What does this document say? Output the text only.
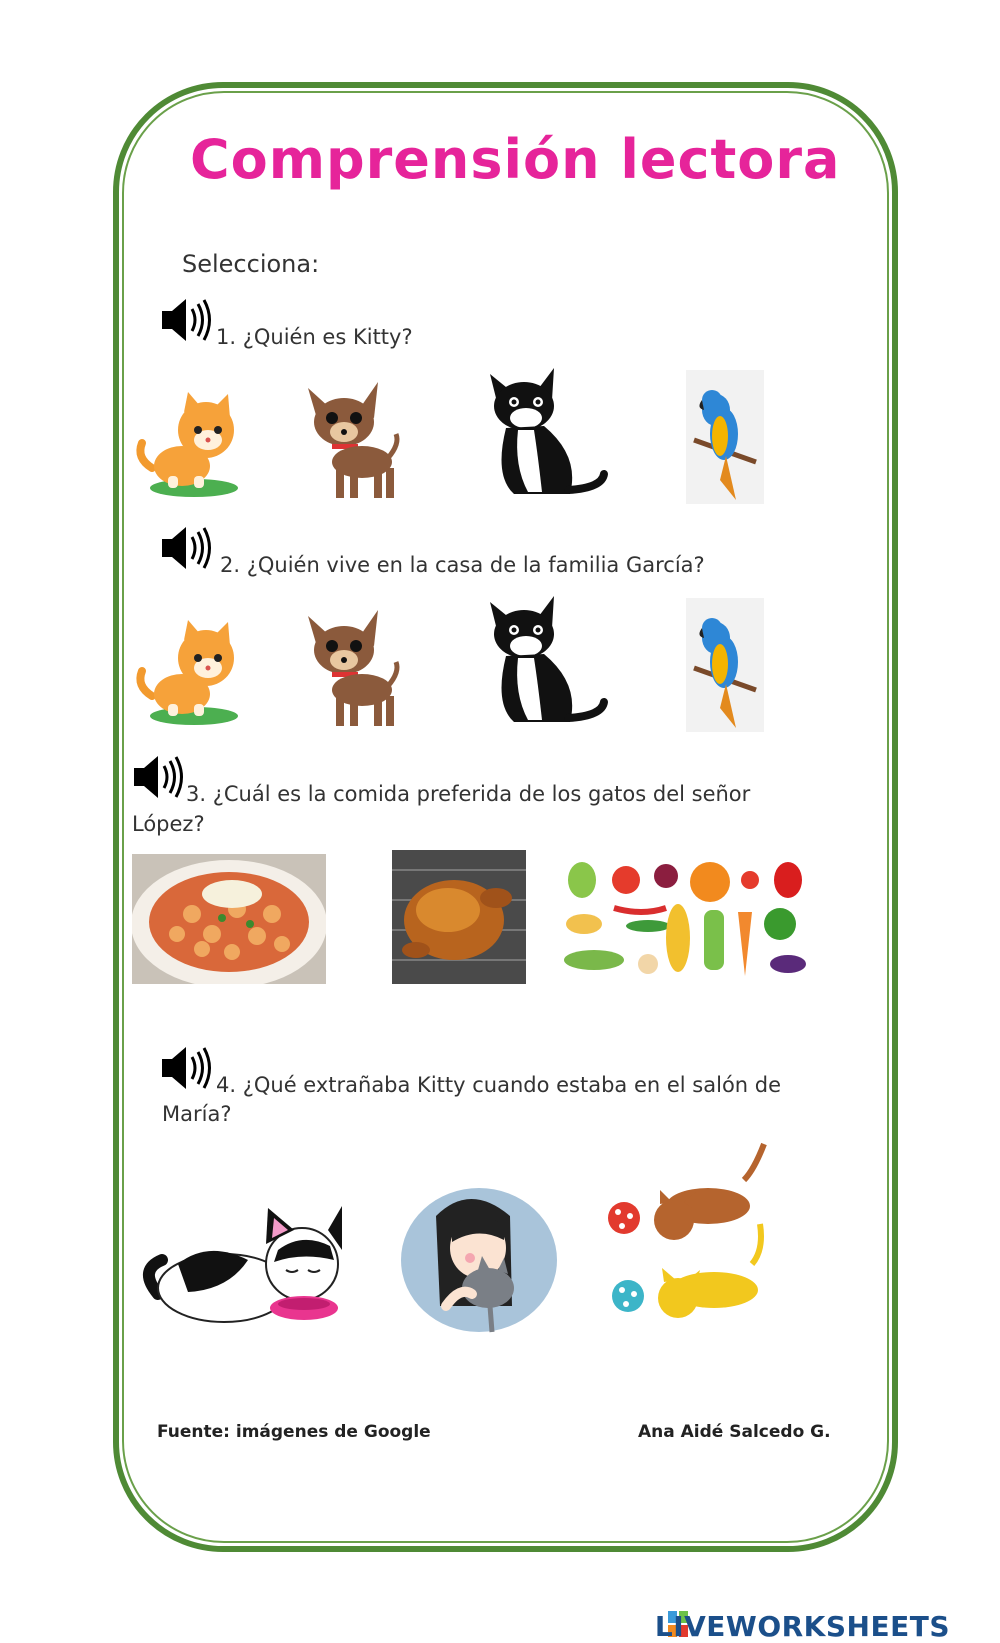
Comprensión lectora
Selecciona:
1. ¿Quién es Kitty?
2. ¿Quién vive en la casa de la familia García?
3. ¿Cuál es la comida preferida de los gatos del señor
López?
4. ¿Qué extrañaba Kitty cuando estaba en el salón de
María?
Fuente: imágenes de Google	Ana Aidé Salcedo G.
LIVEWORKSHEETS
